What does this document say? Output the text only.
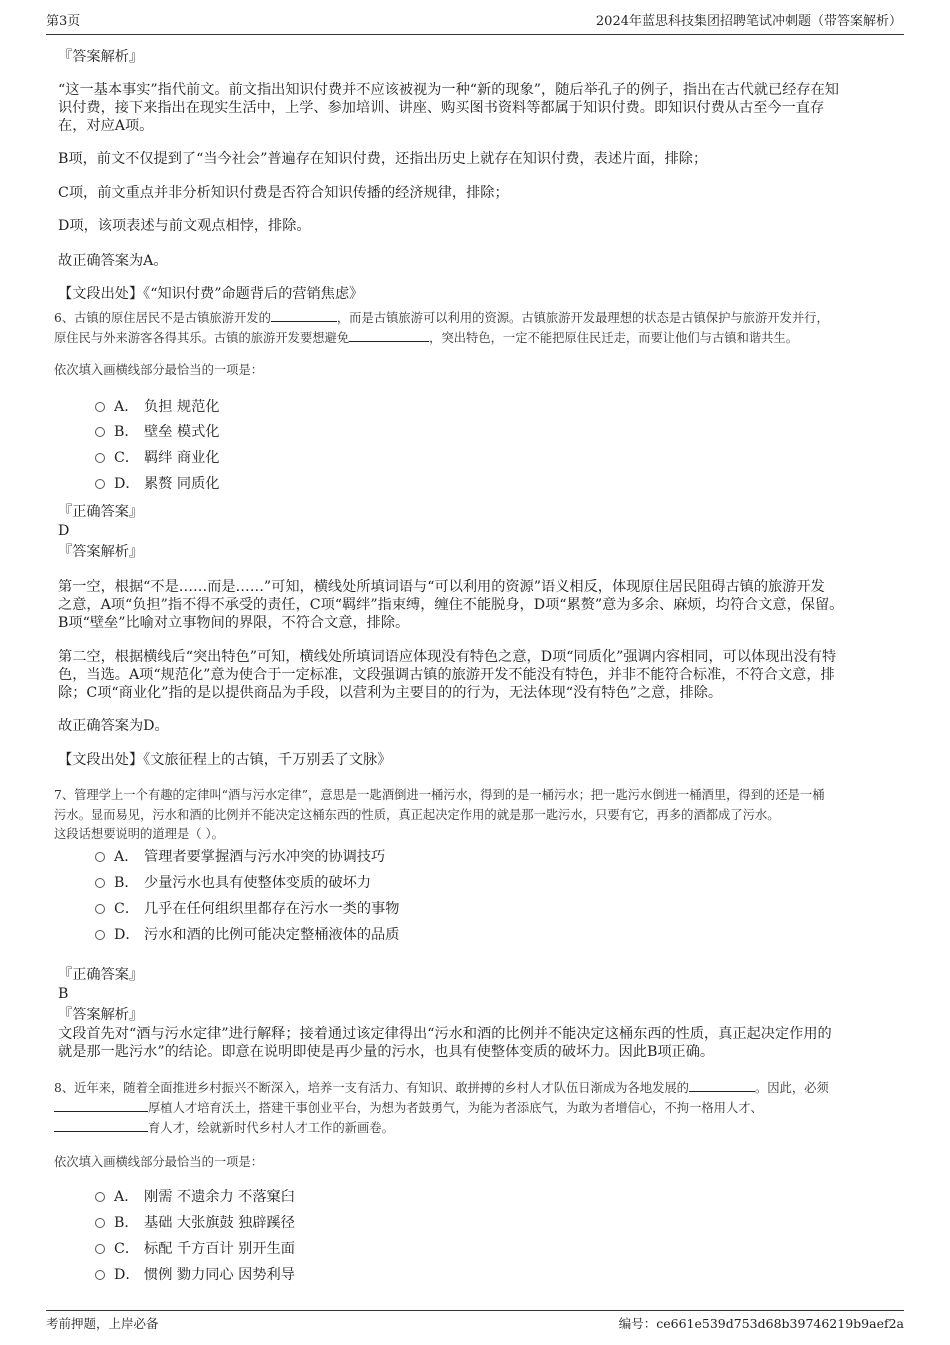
第3页	2024年蓝思科技集团招聘笔试冲刺题（带答案解析）
『答案解析』
“这一基本事实”指代前文。前文指出知识付费并不应该被视为一种“新的现象”，随后举孔子的例子，指出在古代就已经存在知
识付费，接下来指出在现实生活中，上学、参加培训、讲座、购买图书资料等都属于知识付费。即知识付费从古至今一直存
在，对应A项。
B项，前文不仅提到了“当今社会”普遍存在知识付费，还指出历史上就存在知识付费，表述片面，排除；
C项，前文重点并非分析知识付费是否符合知识传播的经济规律，排除；
D项，该项表述与前文观点相悖，排除。
故正确答案为A。
【文段出处】《“知识付费”命题背后的营销焦虑》
6、古镇的原住居民不是古镇旅游开发的	，而是古镇旅游可以利用的资源。古镇旅游开发最理想的状态是古镇保护与旅游开发并行，
原住民与外来游客各得其乐。古镇的旅游开发要想避免	，突出特色，一定不能把原住民迁走，而要让他们与古镇和谐共生。
依次填入画横线部分最恰当的一项是：
A． 负担 规范化
B． 壁垒 模式化
C． 羁绊 商业化
D． 累赘 同质化
『正确答案』
D
『答案解析』
第一空，根据“不是……而是……”可知，横线处所填词语与“可以利用的资源”语义相反，体现原住居民阻碍古镇的旅游开发
之意，A项“负担”指不得不承受的责任，C项“羁绊”指束缚，缠住不能脱身，D项“累赘”意为多余、麻烦，均符合文意，保留。
B项“壁垒”比喻对立事物间的界限，不符合文意，排除。
第二空，根据横线后“突出特色”可知，横线处所填词语应体现没有特色之意，D项“同质化”强调内容相同，可以体现出没有特
色，当选。A项“规范化”意为使合于一定标准，文段强调古镇的旅游开发不能没有特色，并非不能符合标准，不符合文意，排
除；C项“商业化”指的是以提供商品为手段，以营利为主要目的的行为，无法体现“没有特色”之意，排除。
故正确答案为D。
【文段出处】《文旅征程上的古镇，千万别丢了文脉》
7、管理学上一个有趣的定律叫“酒与污水定律”，意思是一匙酒倒进一桶污水，得到的是一桶污水；把一匙污水倒进一桶酒里，得到的还是一桶
污水。显而易见，污水和酒的比例并不能决定这桶东西的性质，真正起决定作用的就是那一匙污水，只要有它，再多的酒都成了污水。
这段话想要说明的道理是（ ）。
A． 管理者要掌握酒与污水冲突的协调技巧
B． 少量污水也具有使整体变质的破坏力
C． 几乎在任何组织里都存在污水一类的事物
D． 污水和酒的比例可能决定整桶液体的品质
『正确答案』
B
『答案解析』
文段首先对“酒与污水定律”进行解释；接着通过该定律得出“污水和酒的比例并不能决定这桶东西的性质，真正起决定作用的
就是那一匙污水”的结论。即意在说明即使是再少量的污水，也具有使整体变质的破坏力。因此B项正确。
8、近年来，随着全面推进乡村振兴不断深入，培养一支有活力、有知识、敢拼搏的乡村人才队伍日渐成为各地发展的	。因此，必须
厚植人才培育沃土，搭建干事创业平台，为想为者鼓勇气，为能为者添底气，为敢为者增信心，不拘一格用人才、
育人才，绘就新时代乡村人才工作的新画卷。
依次填入画横线部分最恰当的一项是：
A． 刚需 不遗余力 不落窠臼
B． 基础 大张旗鼓 独辟蹊径
C． 标配 千方百计 别开生面
D． 惯例 勠力同心 因势利导
考前押题，上岸必备	编号：ce661e539d753d68b39746219b9aef2a
